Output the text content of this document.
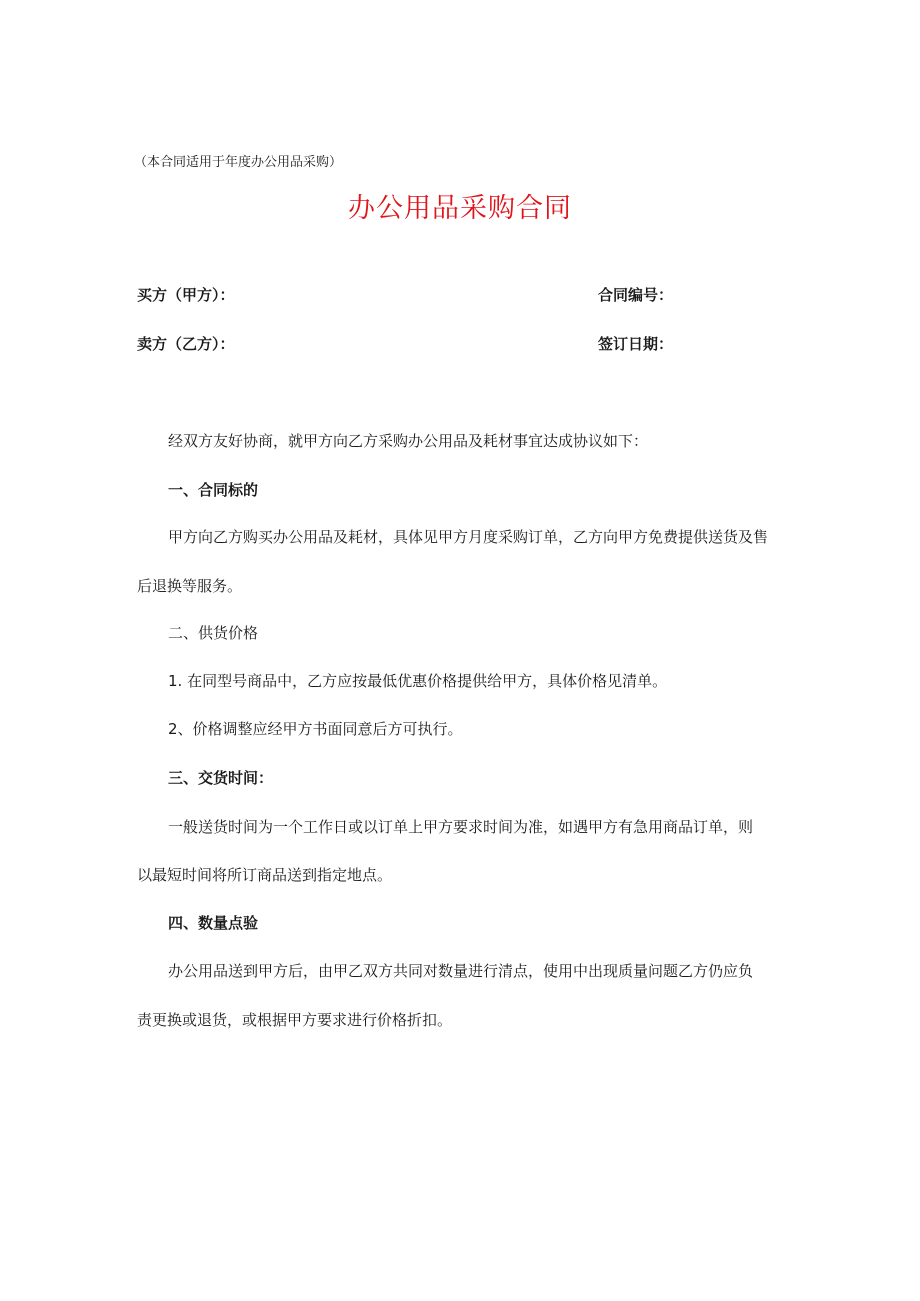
（本合同适用于年度办公用品采购）
办公用品采购合同
买方（甲方）：	合同编号：
卖方（乙方）：	签订日期：
经双方友好协商，就甲方向乙方采购办公用品及耗材事宜达成协议如下：
一、合同标的
甲方向乙方购买办公用品及耗材，具体见甲方月度采购订单，乙方向甲方免费提供送货及售
后退换等服务。
二、供货价格
1. 在同型号商品中，乙方应按最低优惠价格提供给甲方，具体价格见清单。
2、价格调整应经甲方书面同意后方可执行。
三、交货时间：
一般送货时间为一个工作日或以订单上甲方要求时间为准，如遇甲方有急用商品订单，则
以最短时间将所订商品送到指定地点。
四、数量点验
办公用品送到甲方后，由甲乙双方共同对数量进行清点，使用中出现质量问题乙方仍应负
责更换或退货，或根据甲方要求进行价格折扣。
